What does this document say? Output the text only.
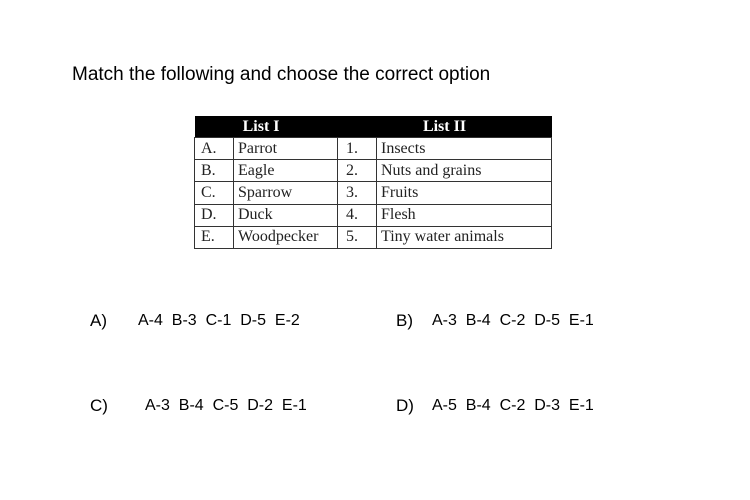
Match the following and choose the correct option
List I		List II	
A.	Parrot	1.	Insects
B.	Eagle	2.	Nuts and grains
C.	Sparrow	3.	Fruits
D.	Duck	4.	Flesh
E.	Woodpecker	5.	Tiny water animals
A) A-4  B-3  C-1  D-5  E-2	B) A-3  B-4  C-2  D-5  E-1
C) A-3  B-4  C-5  D-2  E-1	D) A-5  B-4  C-2  D-3  E-1
